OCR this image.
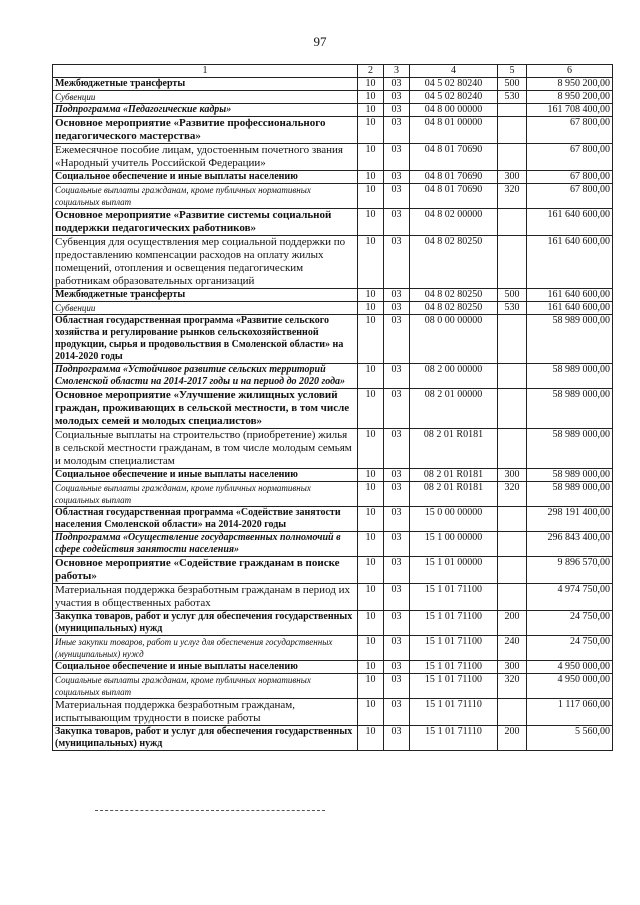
97
1	2	3	4	5	6
Межбюджетные трансферты	10	03	04 5 02 80240	500	8 950 200,00
Субвенции	10	03	04 5 02 80240	530	8 950 200,00
Подпрограмма «Педагогические кадры»	10	03	04 8 00 00000		161 708 400,00
Основное мероприятие «Развитие профессионального педагогического мастерства»	10	03	04 8 01 00000		67 800,00
Ежемесячное пособие лицам, удостоенным почетного звания «Народный учитель Российской Федерации»	10	03	04 8 01 70690		67 800,00
Социальное обеспечение и иные выплаты населению	10	03	04 8 01 70690	300	67 800,00
Социальные выплаты гражданам, кроме публичных нормативных социальных выплат	10	03	04 8 01 70690	320	67 800,00
Основное мероприятие «Развитие системы социальной поддержки педагогических работников»	10	03	04 8 02 00000		161 640 600,00
Субвенция для осуществления мер социальной поддержки по предоставлению компенсации расходов на оплату жилых помещений, отопления и освещения педагогическим работникам образовательных организаций	10	03	04 8 02 80250		161 640 600,00
Межбюджетные трансферты	10	03	04 8 02 80250	500	161 640 600,00
Субвенции	10	03	04 8 02 80250	530	161 640 600,00
Областная государственная программа «Развитие сельского хозяйства и регулирование рынков сельскохозяйственной продукции, сырья и продовольствия в Смоленской области» на 2014-2020 годы	10	03	08 0 00 00000		58 989 000,00
Подпрограмма «Устойчивое развитие сельских территорий Смоленской области на 2014-2017 годы и на период до 2020 года»	10	03	08 2 00 00000		58 989 000,00
Основное мероприятие «Улучшение жилищных условий граждан, проживающих в сельской местности, в том числе молодых семей и молодых специалистов»	10	03	08 2 01 00000		58 989 000,00
Социальные выплаты на строительство (приобретение) жилья в сельской местности гражданам, в том числе молодым семьям и молодым специалистам	10	03	08 2 01 R0181		58 989 000,00
Социальное обеспечение и иные выплаты населению	10	03	08 2 01 R0181	300	58 989 000,00
Социальные выплаты гражданам, кроме публичных нормативных социальных выплат	10	03	08 2 01 R0181	320	58 989 000,00
Областная государственная программа «Содействие занятости населения Смоленской области» на 2014-2020 годы	10	03	15 0 00 00000		298 191 400,00
Подпрограмма «Осуществление государственных полномочий в сфере содействия занятости населения»	10	03	15 1 00 00000		296 843 400,00
Основное мероприятие «Содействие гражданам в поиске работы»	10	03	15 1 01 00000		9 896 570,00
Материальная поддержка безработным гражданам в период их участия в общественных работах	10	03	15 1 01 71100		4 974 750,00
Закупка товаров, работ и услуг для обеспечения государственных (муниципальных) нужд	10	03	15 1 01 71100	200	24 750,00
Иные закупки товаров, работ и услуг для обеспечения государственных (муниципальных) нужд	10	03	15 1 01 71100	240	24 750,00
Социальное обеспечение и иные выплаты населению	10	03	15 1 01 71100	300	4 950 000,00
Социальные выплаты гражданам, кроме публичных нормативных социальных выплат	10	03	15 1 01 71100	320	4 950 000,00
Материальная поддержка безработным гражданам, испытывающим трудности в поиске работы	10	03	15 1 01 71110		1 117 060,00
Закупка товаров, работ и услуг для обеспечения государственных (муниципальных) нужд	10	03	15 1 01 71110	200	5 560,00
